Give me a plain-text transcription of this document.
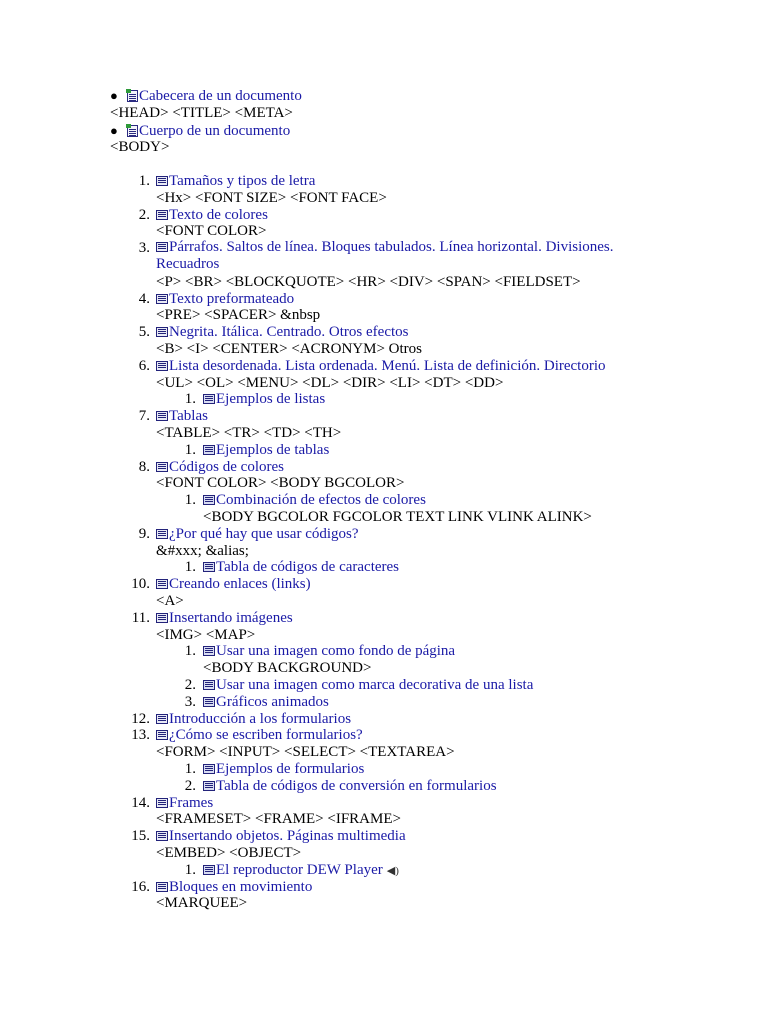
●	Cabecera de un documento
<HEAD> <TITLE> <META>
●	Cuerpo de un documento
<BODY>
1.	Tamaños y tipos de letra
<Hx> <FONT SIZE> <FONT FACE>
2.	Texto de colores
<FONT COLOR>
3.	Párrafos. Saltos de línea. Bloques tabulados. Línea horizontal. Divisiones. Recuadros
<P> <BR> <BLOCKQUOTE> <HR> <DIV> <SPAN> <FIELDSET>
4.	Texto preformateado
<PRE> <SPACER> &nbsp
5.	Negrita. Itálica. Centrado. Otros efectos
<B> <I> <CENTER> <ACRONYM> Otros
6.	Lista desordenada. Lista ordenada. Menú. Lista de definición. Directorio
<UL> <OL> <MENU> <DL> <DIR> <LI> <DT> <DD>
1.	Ejemplos de listas
7.	Tablas
<TABLE> <TR> <TD> <TH>
1.	Ejemplos de tablas
8.	Códigos de colores
<FONT COLOR> <BODY BGCOLOR>
1.	Combinación de efectos de colores
<BODY BGCOLOR FGCOLOR TEXT LINK VLINK ALINK>
9.	¿Por qué hay que usar códigos?
&#xxx; &alias;
1.	Tabla de códigos de caracteres
10.	Creando enlaces (links)
<A>
11.	Insertando imágenes
<IMG> <MAP>
1.	Usar una imagen como fondo de página
<BODY BACKGROUND>
2.	Usar una imagen como marca decorativa de una lista
3.	Gráficos animados
12.	Introducción a los formularios
13.	¿Cómo se escriben formularios?
<FORM> <INPUT> <SELECT> <TEXTAREA>
1.	Ejemplos de formularios
2.	Tabla de códigos de conversión en formularios
14.	Frames
<FRAMESET> <FRAME> <IFRAME>
15.	Insertando objetos. Páginas multimedia
<EMBED> <OBJECT>
1.	El reproductor DEW Player ◀)
16.	Bloques en movimiento
<MARQUEE>
